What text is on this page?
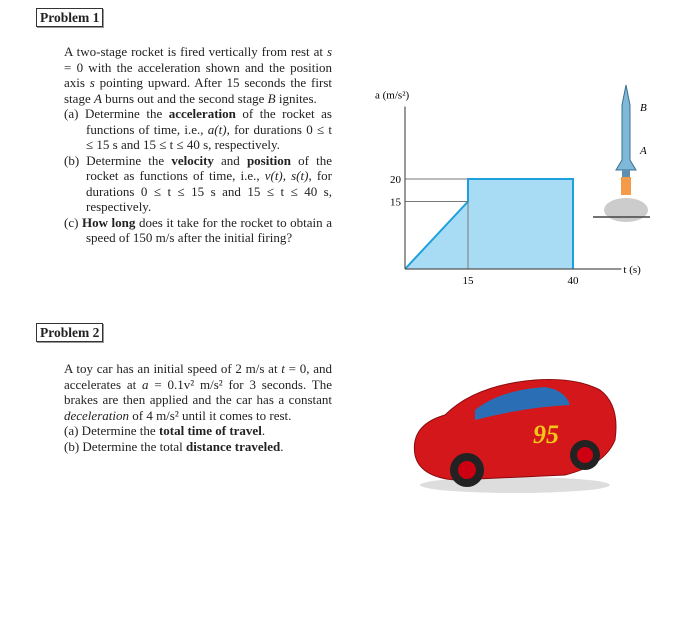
Problem 1

A two-stage rocket is fired vertically from rest at s = 0 with the acceleration shown and the position axis s pointing upward. After 15 seconds the first stage A burns out and the second stage B ignites.

(a) Determine the acceleration of the rocket as functions of time, i.e., a(t), for durations 0 ≤ t ≤ 15 s and 15 ≤ t ≤ 40 s, respectively.

(b) Determine the velocity and position of the rocket as functions of time, i.e., v(t), s(t), for durations 0 ≤ t ≤ 15 s and 15 ≤ t ≤ 40 s, respectively.

(c) How long does it take for the rocket to obtain a speed of 150 m/s after the initial firing?

t (s)
a (m/s²)
15	40
20
15
B
A
Problem 2

A toy car has an initial speed of 2 m/s at t = 0, and accelerates at a = 0.1v² m/s² for 3 seconds. The brakes are then applied and the car has a constant deceleration of 4 m/s² until it comes to rest.

(a) Determine the total time of travel.

(b) Determine the total distance traveled.	95
